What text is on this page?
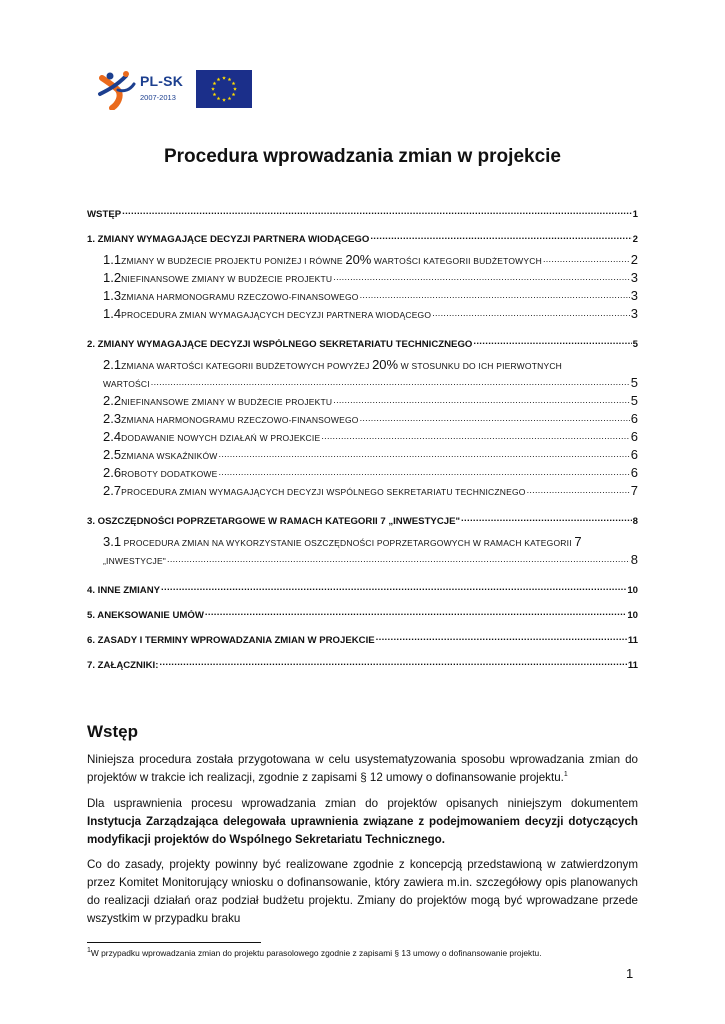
PL-SK
2007-2013
Procedura wprowadzania zmian w projekcie
WSTĘP .....	1
1. ZMIANY WYMAGAJĄCE DECYZJI PARTNERA WIODĄCEGO .....	2
1.1ZMIANY W BUDŻECIE PROJEKTU PONIŻEJ I RÓWNE 20% WARTOŚCI KATEGORII BUDŻETOWYCH .....	2
1.2NIEFINANSOWE ZMIANY W BUDŻECIE PROJEKTU .....	3
1.3ZMIANA HARMONOGRAMU RZECZOWO-FINANSOWEGO .....	3
1.4PROCEDURA ZMIAN WYMAGAJĄCYCH DECYZJI PARTNERA WIODĄCEGO .....	3
2. ZMIANY WYMAGAJĄCE DECYZJI WSPÓLNEGO SEKRETARIATU TECHNICZNEGO .....	5
2.1ZMIANA WARTOŚCI KATEGORII BUDŻETOWYCH POWYŻEJ 20% W STOSUNKU DO ICH PIERWOTNYCH
WARTOŚCI .....	5
2.2NIEFINANSOWE ZMIANY W BUDŻECIE PROJEKTU .....	5
2.3ZMIANA HARMONOGRAMU RZECZOWO-FINANSOWEGO .....	6
2.4DODAWANIE NOWYCH DZIAŁAŃ W PROJEKCIE .....	6
2.5ZMIANA WSKAŹNIKÓW .....	6
2.6ROBOTY DODATKOWE .....	6
2.7PROCEDURA ZMIAN WYMAGAJĄCYCH DECYZJI WSPÓLNEGO SEKRETARIATU TECHNICZNEGO .....	7
3. OSZCZĘDNOŚCI POPRZETARGOWE W RAMACH KATEGORII 7 „INWESTYCJE" .....	8
3.1 PROCEDURA ZMIAN NA WYKORZYSTANIE OSZCZĘDNOŚCI POPRZETARGOWYCH W RAMACH KATEGORII 7
„INWESTYCJE" .....	8
4. INNE ZMIANY .....	10
5. ANEKSOWANIE UMÓW .....	10
6. ZASADY I TERMINY WPROWADZANIA ZMIAN W PROJEKCIE .....	11
7. ZAŁĄCZNIKI: .....	11
Wstęp
Niniejsza procedura została przygotowana w celu usystematyzowania sposobu wprowadzania zmian do projektów w trakcie ich realizacji, zgodnie z zapisami § 12 umowy o dofinansowanie projektu.$^1$
Dla usprawnienia procesu wprowadzania zmian do projektów opisanych niniejszym dokumentem Instytucja Zarządzająca delegowała uprawnienia związane z podejmowaniem decyzji dotyczących modyfikacji projektów do Wspólnego Sekretariatu Technicznego.
Co do zasady, projekty powinny być realizowane zgodnie z koncepcją przedstawioną w zatwierdzonym przez Komitet Monitorujący wniosku o dofinansowanie, który zawiera m.in. szczegółowy opis planowanych do realizacji działań oraz podział budżetu projektu. Zmiany do projektów mogą być wprowadzane przede wszystkim w przypadku braku
$^1$W przypadku wprowadzania zmian do projektu parasolowego zgodnie z zapisami § 13 umowy o dofinansowanie projektu.
1
